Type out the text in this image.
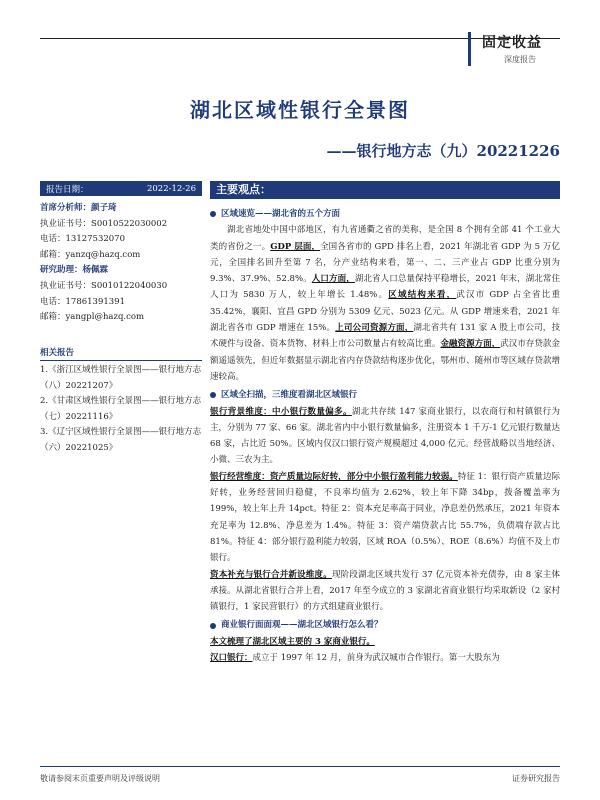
固定收益
深度报告
湖北区域性银行全景图
——银行地方志（九）20221226
报告日期：	2022-12-26
首席分析师：颜子琦
执业证书号：S0010522030002
电话：13127532070
邮箱：yanzq@hazq.com
研究助理：杨佩霖
执业证书号：S0010122040030
电话：17861391391
邮箱：yangpl@hazq.com
相关报告
1.《浙江区域性银行全景图——银行地方志（八）20221207》
2.《甘肃区域性银行全景图——银行地方志（七）20221116》
3.《辽宁区域性银行全景图——银行地方志（六）20221025》
主要观点：
区域速览——湖北省的五个方面

湖北省地处中国中部地区，有九省通衢之省的美称，是全国 8 个拥有全部 41 个工业大类的省份之一。GDP 层面，全国各省市的 GPD 排名上看，2021 年湖北省 GDP 为 5 万亿元，全国排名回升至第 7 名，分产业结构来看，第一、二、三产业占 GDP 比重分别为 9.3%、37.9%、52.8%。人口方面，湖北省人口总量保持平稳增长，2021 年末，湖北常住人口为 5830 万人，较上年增长 1.48%。区域结构来看，武汉市 GDP 占全省比重 35.42%，襄阳、宜昌 GPD 分别为 5309 亿元、5023 亿元。从 GDP 增速来看，2021 年湖北省各市 GDP 增速在 15%。上司公司资源方面，湖北省共有 131 家 A 股上市公司，技术硬件与设备、资本货物、材料上市公司数量占有较高比重。金融资源方面，武汉市存贷款金额遥遥领先，但近年数据显示湖北省内存贷款结构逐步优化，鄂州市、随州市等区域存贷款增速较高。

区域全扫描，三维度看湖北区域银行

银行背景维度：中小银行数量偏多。湖北共存续 147 家商业银行，以农商行和村镇银行为主，分别为 77 家、66 家。湖北省内中小银行数量偏多，注册资本 1 千万-1 亿元银行数量达 68 家，占比近 50%。区域内仅汉口银行资产规模超过 4,000 亿元。经营战略以当地经济、小微、三农为主。

银行经营维度：资产质量边际好转，部分中小银行盈利能力较弱。特征 1：银行资产质量边际好转，业务经营回归稳健，不良率均值为 2.62%，较上年下降 34bp，拨备覆盖率为 199%，较上年上升 14pct。特征 2：资本充足率高于同业，净息差仍然承压，2021 年资本充足率为 12.8%、净息差为 1.4%。特征 3：资产端贷款占比 55.7%，负债端存款占比 81%。特征 4：部分银行盈利能力较弱，区域 ROA（0.5%）、ROE（8.6%）均值不及上市银行。

资本补充与银行合并新设维度。现阶段湖北区域共发行 37 亿元资本补充债券，由 8 家主体承接。从湖北省银行合并上看，2017 年至今成立的 3 家湖北省商业银行均采取新设（2 家村镇银行，1 家民营银行）的方式组建商业银行。

商业银行面面观——湖北区域银行怎么看？

本文梳理了湖北区域主要的 3 家商业银行。

汉口银行：成立于 1997 年 12 月，前身为武汉城市合作银行。第一大股东为

敬请参阅末页重要声明及评级说明	证券研究报告
